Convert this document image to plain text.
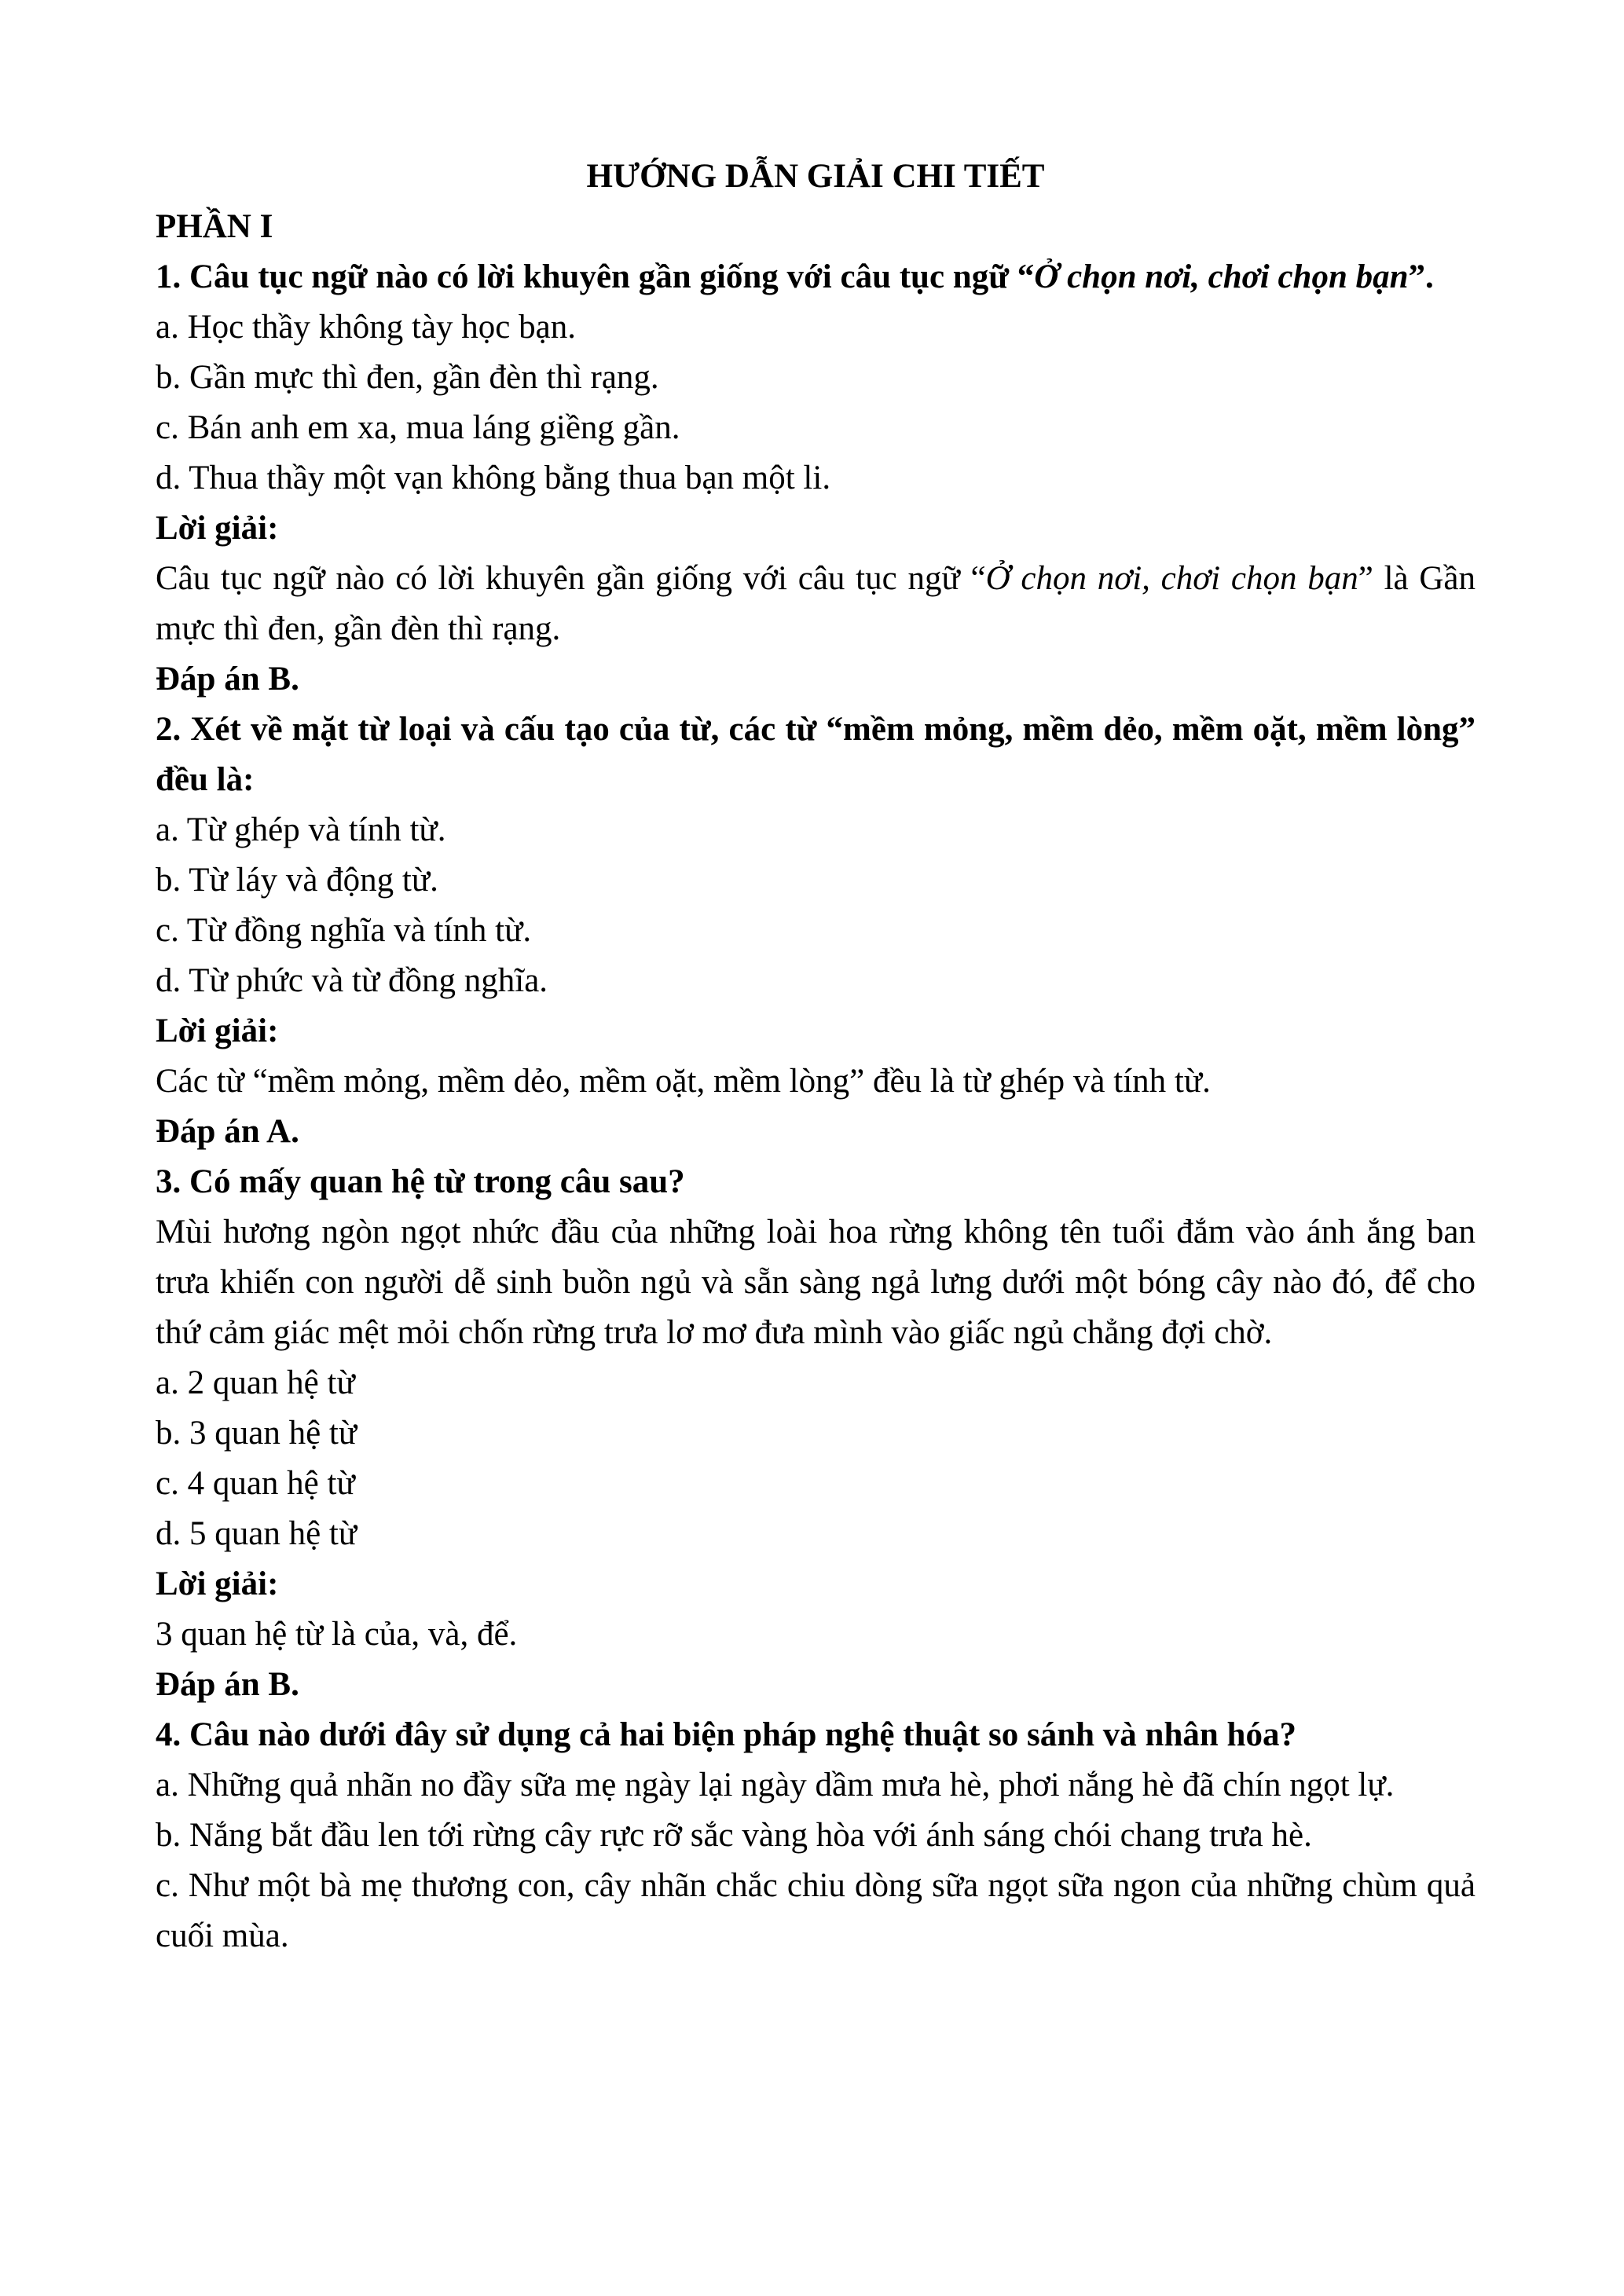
HƯỚNG DẪN GIẢI CHI TIẾT

PHẦN I

1. Câu tục ngữ nào có lời khuyên gần giống với câu tục ngữ “Ở chọn nơi, chơi chọn bạn”.

a. Học thầy không tày học bạn.

b. Gần mực thì đen, gần đèn thì rạng.

c. Bán anh em xa, mua láng giềng gần.

d. Thua thầy một vạn không bằng thua bạn một li.

Lời giải:

Câu tục ngữ nào có lời khuyên gần giống với câu tục ngữ “Ở chọn nơi, chơi chọn bạn” là Gần mực thì đen, gần đèn thì rạng.

Đáp án B.

2. Xét về mặt từ loại và cấu tạo của từ, các từ “mềm mỏng, mềm dẻo, mềm oặt, mềm lòng” đều là:

a. Từ ghép và tính từ.

b. Từ láy và động từ.

c. Từ đồng nghĩa và tính từ.

d. Từ phức và từ đồng nghĩa.

Lời giải:

Các từ “mềm mỏng, mềm dẻo, mềm oặt, mềm lòng” đều là từ ghép và tính từ.

Đáp án A.

3. Có mấy quan hệ từ trong câu sau?

Mùi hương ngòn ngọt nhức đầu của những loài hoa rừng không tên tuổi đắm vào ánh ắng ban trưa khiến con người dễ sinh buồn ngủ và sẵn sàng ngả lưng dưới một bóng cây nào đó, để cho thứ cảm giác mệt mỏi chốn rừng trưa lơ mơ đưa mình vào giấc ngủ chẳng đợi chờ.

a. 2 quan hệ từ

b. 3 quan hệ từ

c. 4 quan hệ từ

d. 5 quan hệ từ

Lời giải:

3 quan hệ từ là của, và, để.

Đáp án B.

4. Câu nào dưới đây sử dụng cả hai biện pháp nghệ thuật so sánh và nhân hóa?

a. Những quả nhãn no đầy sữa mẹ ngày lại ngày dầm mưa hè, phơi nắng hè đã chín ngọt lự.

b. Nắng bắt đầu len tới rừng cây rực rỡ sắc vàng hòa với ánh sáng chói chang trưa hè.

c. Như một bà mẹ thương con, cây nhãn chắc chiu dòng sữa ngọt sữa ngon của những chùm quả cuối mùa.
